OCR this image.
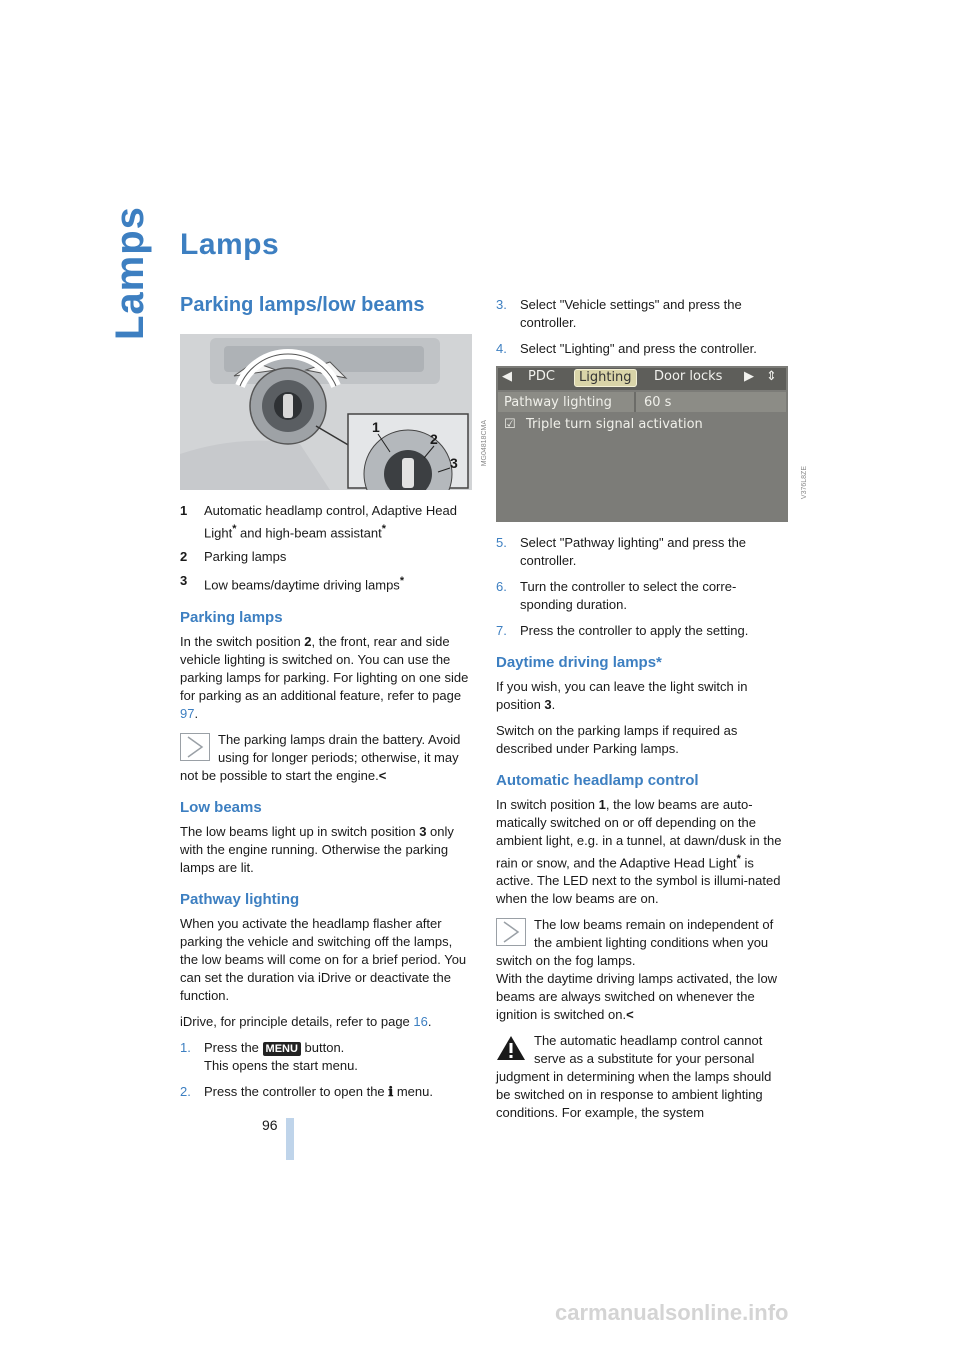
Lamps Lamps
Parking lamps/low beams
1
2
3	MG04818CMA
1	Automatic headlamp control, Adaptive Head Light* and high-beam assistant*
2	Parking lamps
3	Low beams/daytime driving lamps*
Parking lamps

In the switch position 2, the front, rear and side vehicle lighting is switched on. You can use the parking lamps for parking. For lighting on one side for parking as an additional feature, refer to page 97.

The parking lamps drain the battery. Avoid using for longer periods; otherwise, it may not be possible to start the engine.<
Low beams

The low beams light up in switch position 3 only with the engine running. Otherwise the parking lamps are lit.

Pathway lighting

When you activate the headlamp flasher after parking the vehicle and switching off the lamps, the low beams will come on for a brief period. You can set the duration via iDrive or deactivate the function.

iDrive, for principle details, refer to page 16.

1.	Press the MENU button.
This opens the start menu.
2.	Press the controller to open the ℹ menu.
3.	Select "Vehicle settings" and press the controller.
4.	Select "Lighting" and press the controller.
◀ PDC	Lighting	Door locks ▶ ⇕
Pathway lighting 60 s
☑ Triple turn signal activation
V376L8ZE
5.	Select "Pathway lighting" and press the controller.
6.	Turn the controller to select the corre-sponding duration.
7.	Press the controller to apply the setting.
Daytime driving lamps*

If you wish, you can leave the light switch in position 3.

Switch on the parking lamps if required as described under Parking lamps.

Automatic headlamp control

In switch position 1, the low beams are auto-matically switched on or off depending on the ambient light, e.g. in a tunnel, at dawn/dusk in the rain or snow, and the Adaptive Head Light* is active. The LED next to the symbol is illumi-nated when the low beams are on.

The low beams remain on independent of the ambient lighting conditions when you switch on the fog lamps.
With the daytime driving lamps activated, the low beams are always switched on whenever the ignition is switched on.<
The automatic headlamp control cannot serve as a substitute for your personal judgment in determining when the lamps should be switched on in response to ambient lighting conditions. For example, the system
96
carmanualsonline.info
